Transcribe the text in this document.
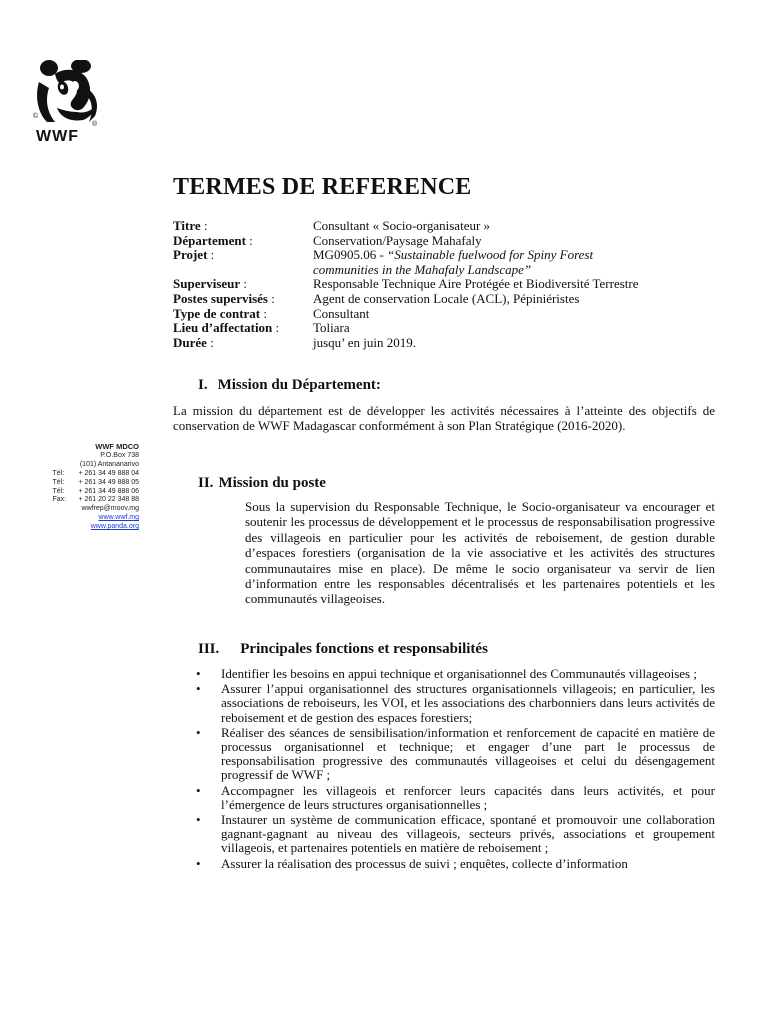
©
®
WWF
TERMES DE REFERENCE
Titre :	Consultant « Socio-organisateur »
Département :	Conservation/Paysage Mahafaly
Projet :	MG0905.06 - “Sustainable fuelwood for Spiny Forest communities in the Mahafaly Landscape”
Superviseur :	Responsable Technique Aire Protégée et Biodiversité Terrestre
Postes supervisés :	Agent de conservation Locale (ACL), Pépiniéristes
Type de contrat :	Consultant
Lieu d’affectation :	Toliara
Durée :	jusqu’ en juin 2019.
I. Mission du Département:

La mission du département est de développer les activités nécessaires à l’atteinte des objectifs de conservation de WWF Madagascar conformément à son Plan Stratégique (2016-2020).

WWF MDCO
P.O.Box 738
(101) Antananarivo
Tél:	+ 261 34 49 888 04
Tél:	+ 261 34 49 888 05
Tél:	+ 261 34 49 888 06
Fax:	+ 261 20 22 348 88
wwfrep@moov.mg
www.wwf.mg
www.panda.org
II. Mission du poste

Sous la supervision du Responsable Technique, le Socio-organisateur va encourager et soutenir les processus de développement et le processus de responsabilisation progressive des villageois en particulier pour les activités de reboisement, de gestion durable d’espaces forestiers (organisation de la vie associative et les activités des structures communautaires mise en place). De même le socio organisateur va servir de lien d’information entre les responsables décentralisés et les partenaires potentiels et les communautés villageoises.

III. Principales fonctions et responsabilités
• Identifier les besoins en appui technique et organisationnel des Communautés villageoises ;
• Assurer l’appui organisationnel des structures organisationnels villageois; en particulier, les associations de reboiseurs, les VOI, et les associations des charbonniers dans leurs activités de reboisement et de gestion des espaces forestiers;
• Réaliser des séances de sensibilisation/information et renforcement de capacité en matière de processus organisationnel et technique; et engager d’une part le processus de responsabilisation progressive des communautés villageoises et celui du désengagement progressif de WWF ;
• Accompagner les villageois et renforcer leurs capacités dans leurs activités, et pour l’émergence de leurs structures organisationnelles ;
• Instaurer un système de communication efficace, spontané et promouvoir une collaboration gagnant-gagnant au niveau des villageois, secteurs privés, associations et groupement villageois, et partenaires potentiels en matière de reboisement ;
• Assurer la réalisation des processus de suivi ; enquêtes, collecte d’information
